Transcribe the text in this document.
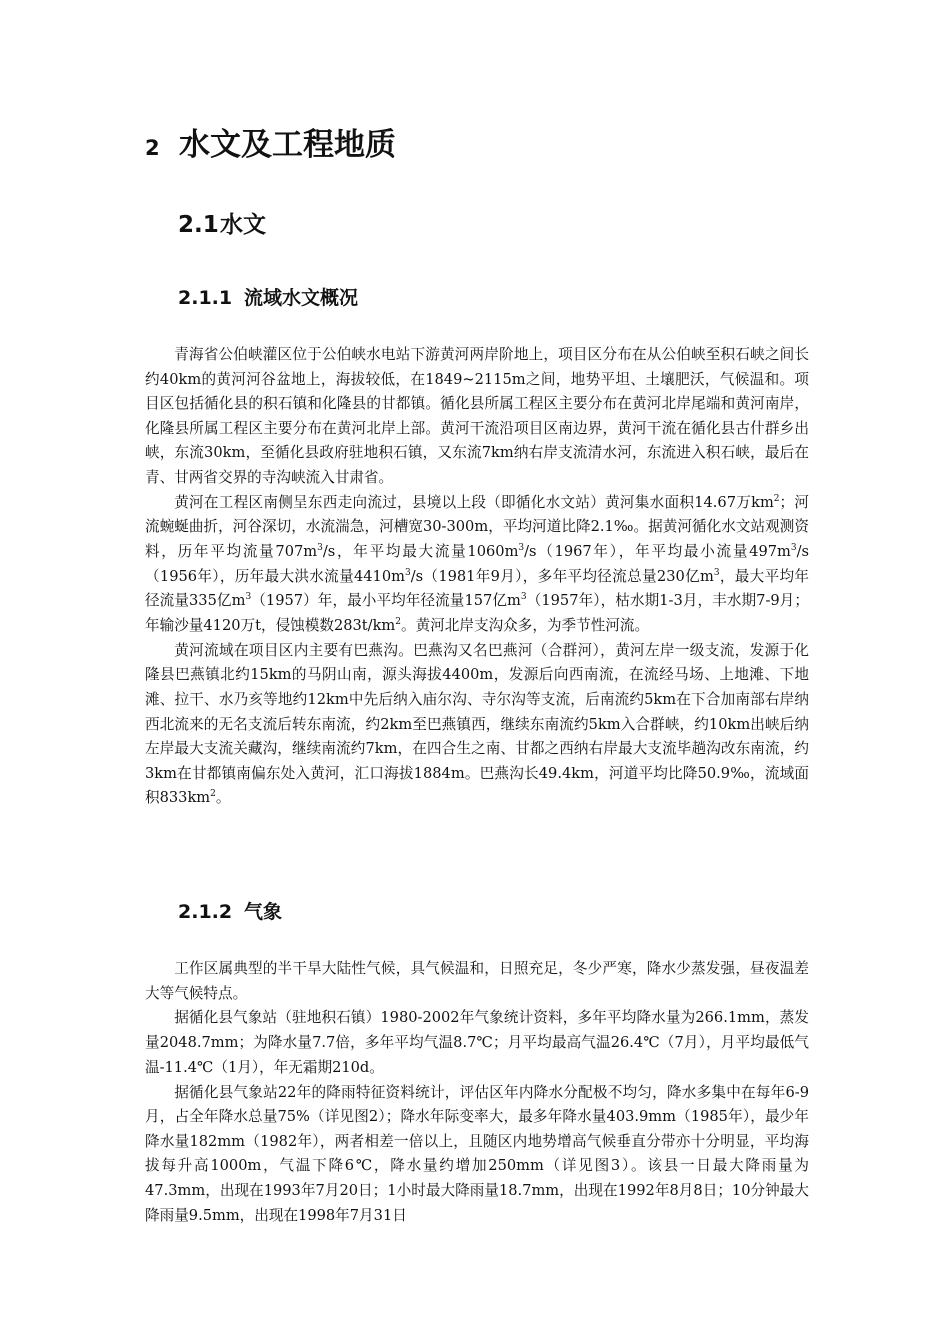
2 水文及工程地质
2.1水文
2.1.1 流域水文概况

青海省公伯峡灌区位于公伯峡水电站下游黄河两岸阶地上，项目区分布在从公伯峡至积石峡之间长约40km的黄河河谷盆地上，海拔较低，在1849~2115m之间，地势平坦、土壤肥沃，气候温和。项目区包括循化县的积石镇和化隆县的甘都镇。循化县所属工程区主要分布在黄河北岸尾端和黄河南岸，化隆县所属工程区主要分布在黄河北岸上部。黄河干流沿项目区南边界，黄河干流在循化县古什群乡出峡，东流30km，至循化县政府驻地积石镇，又东流7km纳右岸支流清水河，东流进入积石峡，最后在青、甘两省交界的寺沟峡流入甘肃省。

黄河在工程区南侧呈东西走向流过，县境以上段（即循化水文站）黄河集水面积14.67万$km^2$；河流蜿蜒曲折，河谷深切，水流湍急，河槽宽30-300m，平均河道比降2.1‰。据黄河循化水文站观测资料，历年平均流量$707m^3/s$，年平均最大流量$1060m^3/s(1967$年），年平均最小流量$497m^3/s(1956$年），历年最大洪水流量$4410m^3/s(1981$年9月），多年平均径流总量230亿$m^3$，最大平均年径流量335亿$m^3(1957)$年，最小平均年径流量157亿$m^3(1957$年），枯水期1-3月，丰水期7-9月；年输沙量4120万t，侵蚀模数$283t/km^2$。黄河北岸支沟众多，为季节性河流。

黄河流域在项目区内主要有巴燕沟。巴燕沟又名巴燕河（合群河），黄河左岸一级支流，发源于化隆县巴燕镇北约15km的马阴山南，源头海拔4400m，发源后向西南流，在流经马场、上地滩、下地滩、拉干、水乃亥等地约12km中先后纳入庙尔沟、寺尔沟等支流，后南流约5km在下合加南部右岸纳西北流来的无名支流后转东南流，约2km至巴燕镇西，继续东南流约5km入合群峡，约10km出峡后纳左岸最大支流关藏沟，继续南流约7km，在四合生之南、甘都之西纳右岸最大支流毕趟沟改东南流，约3km在甘都镇南偏东处入黄河，汇口海拔1884m。巴燕沟长49.4km，河道平均比降50.9‰，流域面积$833km^2$。

2.1.2 气象

工作区属典型的半干旱大陆性气候，具气候温和，日照充足，冬少严寒，降水少蒸发强，昼夜温差大等气候特点。

据循化县气象站（驻地积石镇）1980-2002年气象统计资料，多年平均降水量为266.1mm，蒸发量2048.7mm；为降水量7.7倍，多年平均气温8.7℃；月平均最高气温26.4℃（7月），月平均最低气温-11.4℃（1月），年无霜期210d。

据循化县气象站22年的降雨特征资料统计，评估区年内降水分配极不均匀，降水多集中在每年6-9月，占全年降水总量75%（详见图2）；降水年际变率大，最多年降水量403.9mm（1985年），最少年降水量182mm（1982年），两者相差一倍以上，且随区内地势增高气候垂直分带亦十分明显，平均海拔每升高1000m，气温下降6℃，降水量约增加250mm（详见图3）。该县一日最大降雨量为47.3mm，出现在1993年7月20日；1小时最大降雨量18.7mm，出现在1992年8月8日；10分钟最大降雨量9.5mm，出现在1998年7月31日
